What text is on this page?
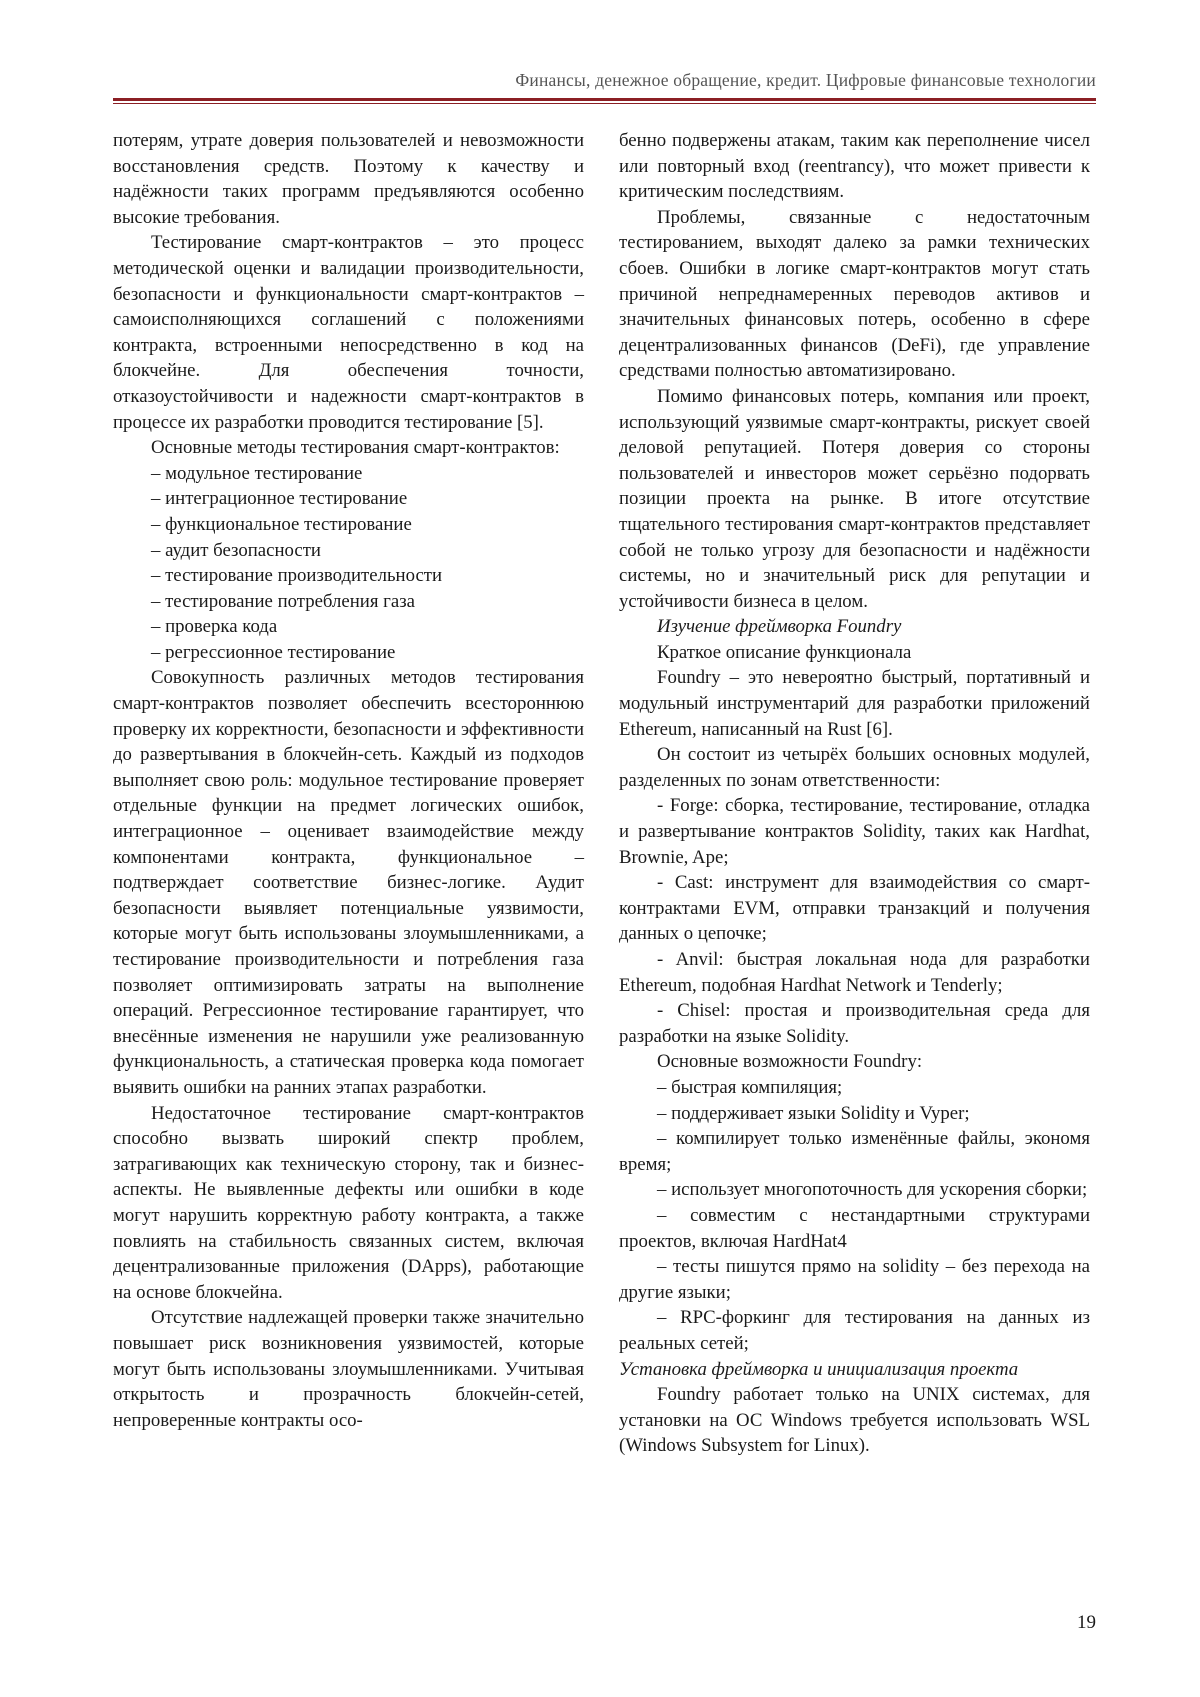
Финансы, денежное обращение, кредит. Цифровые финансовые технологии

потерям, утрате доверия пользователей и невозможности восстановления средств. Поэтому к качеству и надёжности таких программ предъявляются особенно высокие требования.

Тестирование смарт-контрактов – это процесс методической оценки и валидации производительности, безопасности и функциональности смарт-контрактов – самоисполняющихся соглашений с положениями контракта, встроенными непосредственно в код на блокчейне. Для обеспечения точности, отказоустойчивости и надежности смарт-контрактов в процессе их разработки проводится тестирование [5].

Основные методы тестирования смарт-контрактов:

– модульное тестирование

– интеграционное тестирование

– функциональное тестирование

– аудит безопасности

– тестирование производительности

– тестирование потребления газа

– проверка кода

– регрессионное тестирование

Совокупность различных методов тестирования смарт-контрактов позволяет обеспечить всестороннюю проверку их корректности, безопасности и эффективности до развертывания в блокчейн-сеть. Каждый из подходов выполняет свою роль: модульное тестирование проверяет отдельные функции на предмет логических ошибок, интеграционное – оценивает взаимодействие между компонентами контракта, функциональное – подтверждает соответствие бизнес-логике. Аудит безопасности выявляет потенциальные уязвимости, которые могут быть использованы злоумышленниками, а тестирование производительности и потребления газа позволяет оптимизировать затраты на выполнение операций. Регрессионное тестирование гарантирует, что внесённые изменения не нарушили уже реализованную функциональность, а статическая проверка кода помогает выявить ошибки на ранних этапах разработки.

Недостаточное тестирование смарт-контрактов способно вызвать широкий спектр проблем, затрагивающих как техническую сторону, так и бизнес-аспекты. Не выявленные дефекты или ошибки в коде могут нарушить корректную работу контракта, а также повлиять на стабильность связанных систем, включая децентрализованные приложения (DApps), работающие на основе блокчейна.

Отсутствие надлежащей проверки также значительно повышает риск возникновения уязвимостей, которые могут быть использованы злоумышленниками. Учитывая открытость и прозрачность блокчейн-сетей, непроверенные контракты осо-

бенно подвержены атакам, таким как переполнение чисел или повторный вход (reentrancy), что может привести к критическим последствиям.

Проблемы, связанные с недостаточным тестированием, выходят далеко за рамки технических сбоев. Ошибки в логике смарт-контрактов могут стать причиной непреднамеренных переводов активов и значительных финансовых потерь, особенно в сфере децентрализованных финансов (DeFi), где управление средствами полностью автоматизировано.

Помимо финансовых потерь, компания или проект, использующий уязвимые смарт-контракты, рискует своей деловой репутацией. Потеря доверия со стороны пользователей и инвесторов может серьёзно подорвать позиции проекта на рынке. В итоге отсутствие тщательного тестирования смарт-контрактов представляет собой не только угрозу для безопасности и надёжности системы, но и значительный риск для репутации и устойчивости бизнеса в целом.

Изучение фреймворка Foundry

Краткое описание функционала

Foundry – это невероятно быстрый, портативный и модульный инструментарий для разработки приложений Ethereum, написанный на Rust [6].

Он состоит из четырёх больших основных модулей, разделенных по зонам ответственности:

- Forge: сборка, тестирование, тестирование, отладка и развертывание контрактов Solidity, таких как Hardhat, Brownie, Ape;

- Cast: инструмент для взаимодействия со смарт-контрактами EVM, отправки транзакций и получения данных о цепочке;

- Anvil: быстрая локальная нода для разработки Ethereum, подобная Hardhat Network и Tenderly;

- Chisel: простая и производительная среда для разработки на языке Solidity.

Основные возможности Foundry:

– быстрая компиляция;

– поддерживает языки Solidity и Vyper;

– компилирует только изменённые файлы, экономя время;

– использует многопоточность для ускорения сборки;

– совместим с нестандартными структурами проектов, включая HardHat4

– тесты пишутся прямо на solidity – без перехода на другие языки;

– RPC-форкинг для тестирования на данных из реальных сетей;

Установка фреймворка и инициализация проекта

Foundry работает только на UNIX системах, для установки на ОС Windows требуется использовать WSL (Windows Subsystem for Linux).

19
